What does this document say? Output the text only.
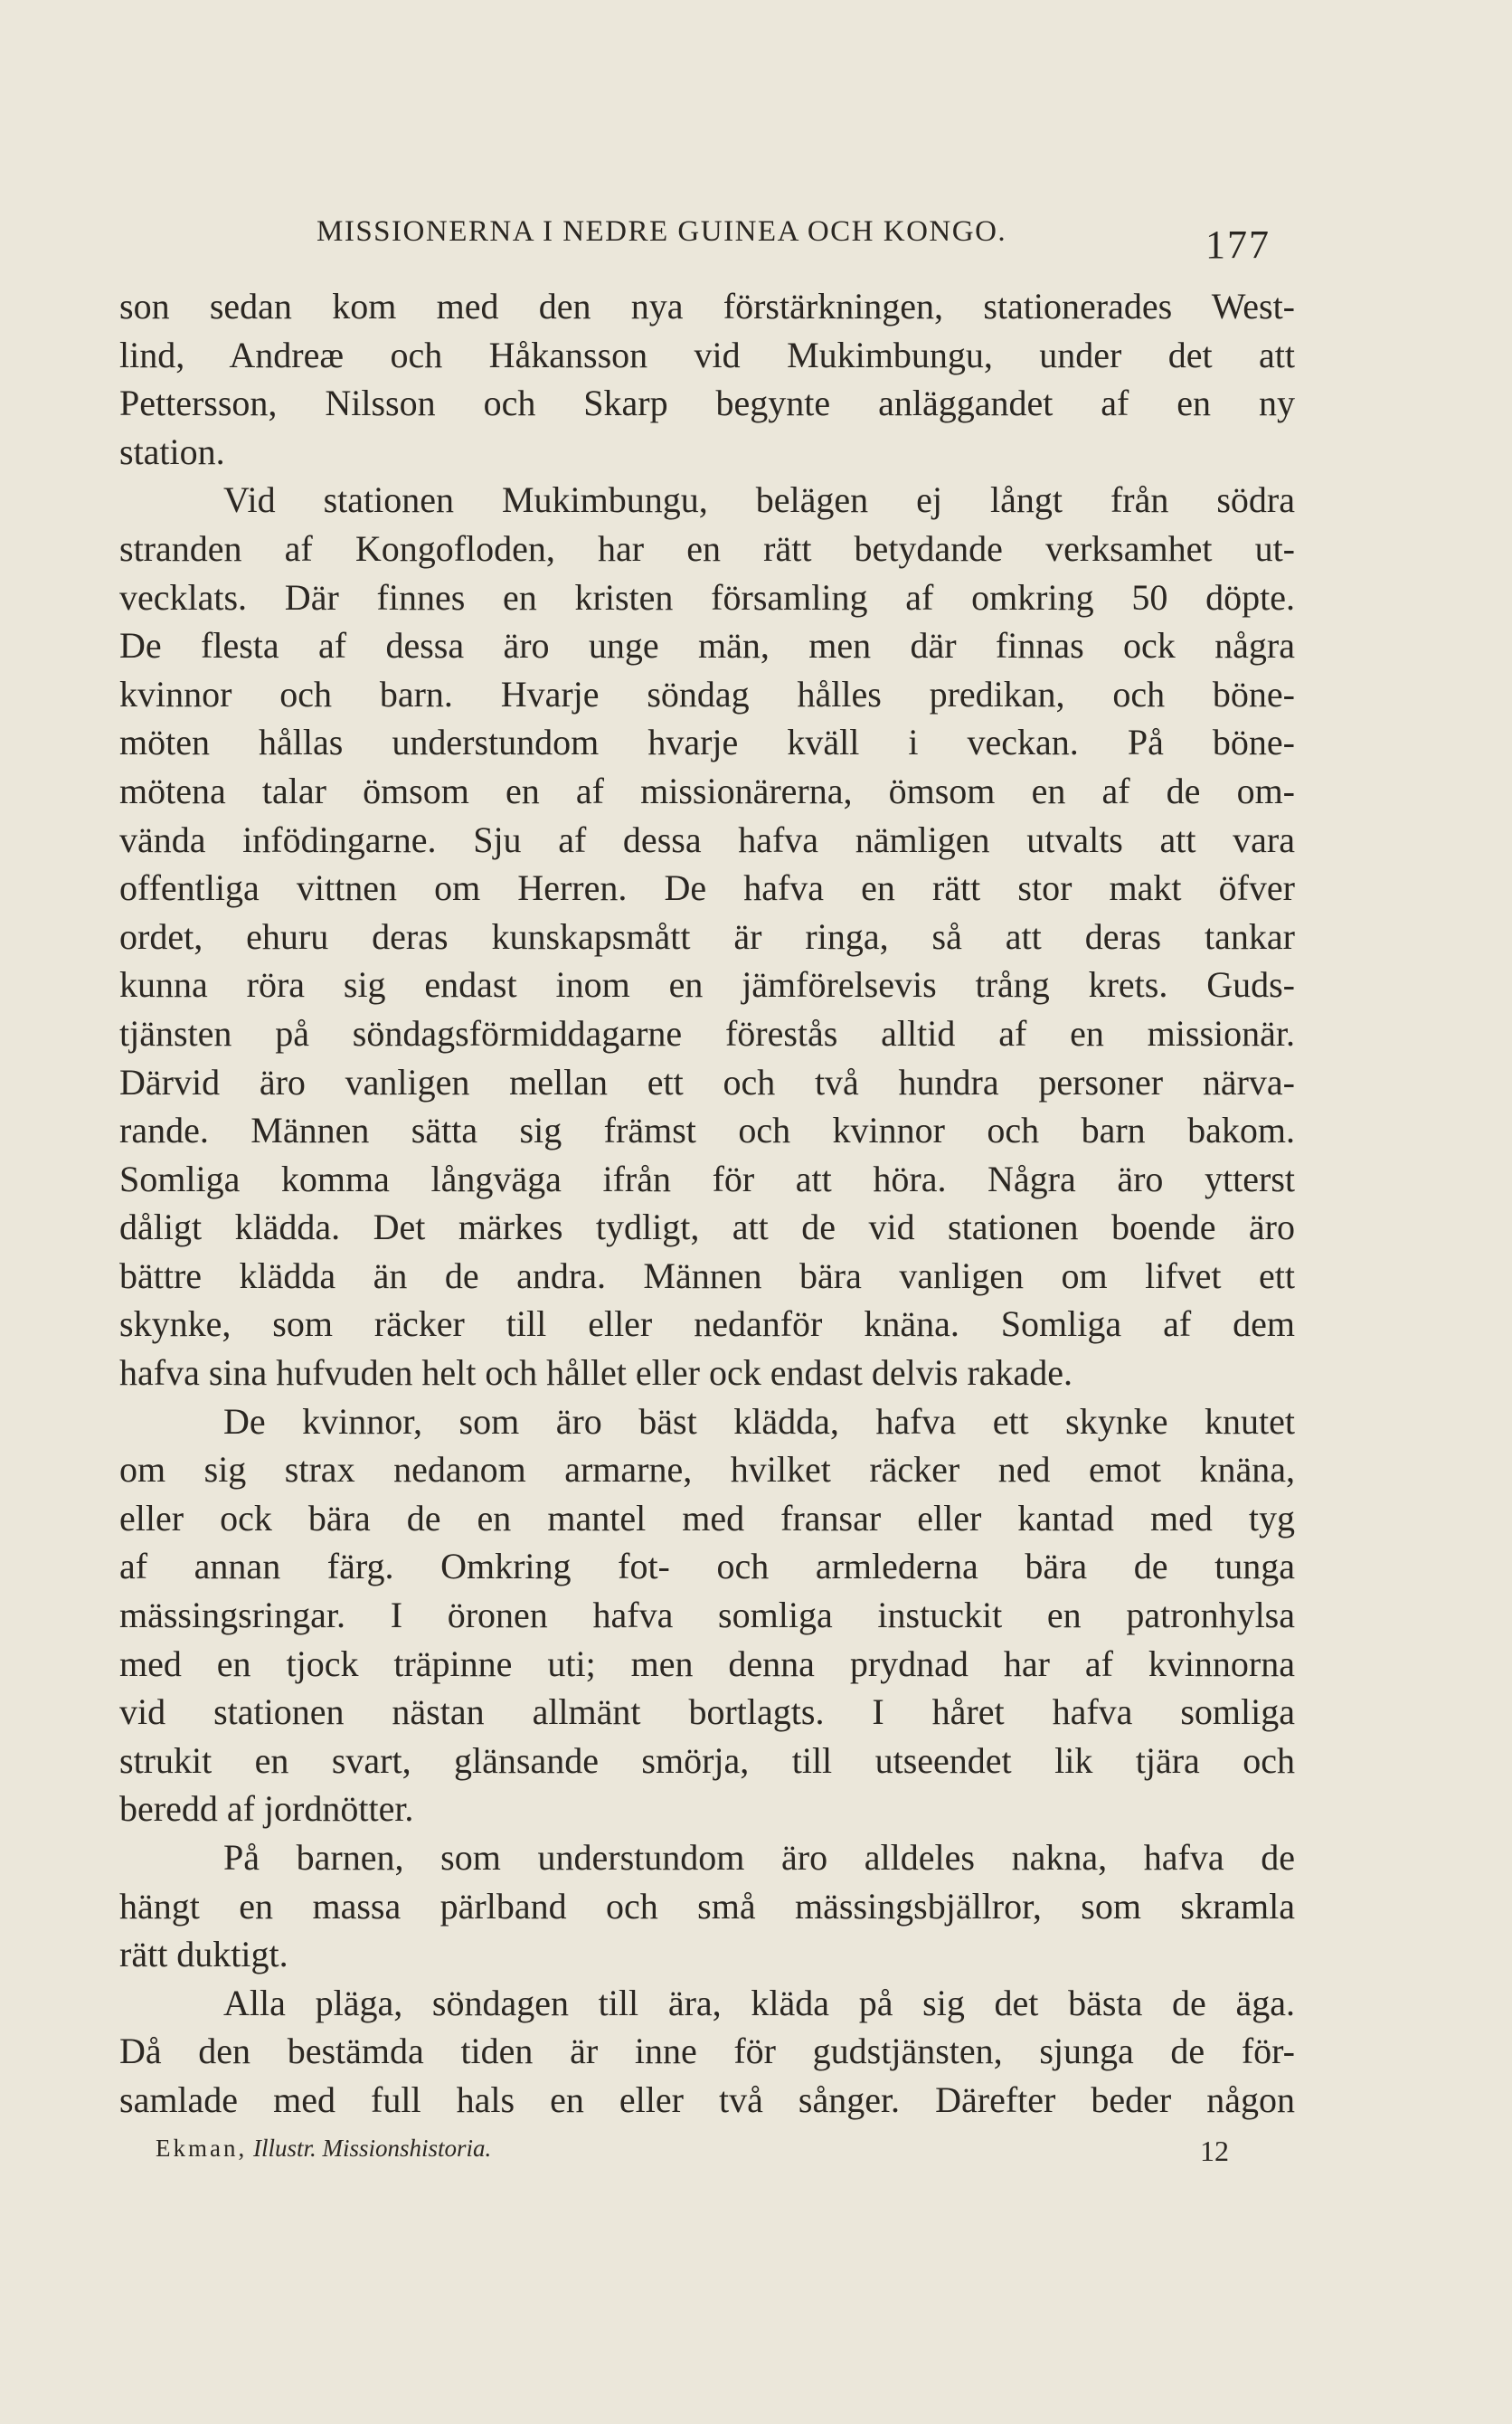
MISSIONERNA I NEDRE GUINEA OCH KONGO.	177
son sedan kom med den nya förstärkningen, stationerades West-
lind, Andreæ och Håkansson vid Mukimbungu, under det att
Pettersson, Nilsson och Skarp begynte anläggandet af en ny
station.
Vid stationen Mukimbungu, belägen ej långt från södra
stranden af Kongofloden, har en rätt betydande verksamhet ut-
vecklats. Där finnes en kristen församling af omkring 50 döpte.
De flesta af dessa äro unge män, men där finnas ock några
kvinnor och barn. Hvarje söndag hålles predikan, och böne-
möten hållas understundom hvarje kväll i veckan. På böne-
mötena talar ömsom en af missionärerna, ömsom en af de om-
vända infödingarne. Sju af dessa hafva nämligen utvalts att vara
offentliga vittnen om Herren. De hafva en rätt stor makt öfver
ordet, ehuru deras kunskapsmått är ringa, så att deras tankar
kunna röra sig endast inom en jämförelsevis trång krets. Guds-
tjänsten på söndagsförmiddagarne förestås alltid af en missionär.
Därvid äro vanligen mellan ett och två hundra personer närva-
rande. Männen sätta sig främst och kvinnor och barn bakom.
Somliga komma långväga ifrån för att höra. Några äro ytterst
dåligt klädda. Det märkes tydligt, att de vid stationen boende äro
bättre klädda än de andra. Männen bära vanligen om lifvet ett
skynke, som räcker till eller nedanför knäna. Somliga af dem
hafva sina hufvuden helt och hållet eller ock endast delvis rakade.
De kvinnor, som äro bäst klädda, hafva ett skynke knutet
om sig strax nedanom armarne, hvilket räcker ned emot knäna,
eller ock bära de en mantel med fransar eller kantad med tyg
af annan färg. Omkring fot- och armlederna bära de tunga
mässingsringar. I öronen hafva somliga instuckit en patronhylsa
med en tjock träpinne uti; men denna prydnad har af kvinnorna
vid stationen nästan allmänt bortlagts. I håret hafva somliga
strukit en svart, glänsande smörja, till utseendet lik tjära och
beredd af jordnötter.
På barnen, som understundom äro alldeles nakna, hafva de
hängt en massa pärlband och små mässingsbjällror, som skramla
rätt duktigt.
Alla pläga, söndagen till ära, kläda på sig det bästa de äga.
Då den bestämda tiden är inne för gudstjänsten, sjunga de för-
samlade med full hals en eller två sånger. Därefter beder någon
Ekman, Illustr. Missionshistoria.	12
